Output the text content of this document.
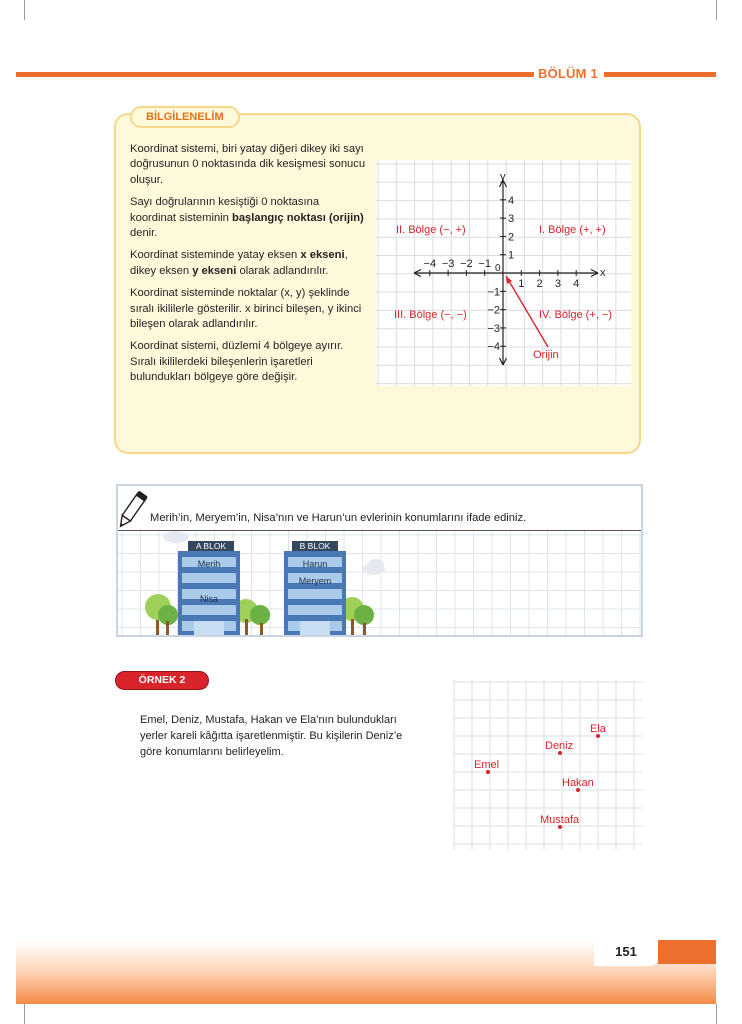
BÖLÜM 1
BİLGİLENELİM

Koordinat sistemi, biri yatay diğeri dikey iki sayı doğrusunun 0 noktasında dik kesişmesi sonucu oluşur.

Sayı doğrularının kesiştiği 0 noktasına koordinat sisteminin başlangıç noktası (orijin) denir.

Koordinat sisteminde yatay eksen x ekseni, dikey eksen y ekseni olarak adlandırılır.

Koordinat sisteminde noktalar (x, y) şeklinde sıralı ikililerle gösterilir. x birinci bileşen, y ikinci bileşen olarak adlandırılır.

Koordinat sistemi, düzlemi 4 bölgeye ayırır. Sıralı ikililerdeki bileşenlerin işaretleri bulundukları bölgeye göre değişir.

−4 −3 −2 −1
1 2 3 4
4
3
2
1
−1
−2
−3
−4
x
y
0
I. Bölge (+, +)
II. Bölge (−, +)
III. Bölge (−, −)	IV. Bölge (+, −)
Orijin
A BLOK
Merih
Nisa
B BLOK
Harun
Meryem
Merih’in, Meryem’in, Nisa’nın ve Harun’un evlerinin konumlarını ifade ediniz.
ÖRNEK 2
Emel, Deniz, Mustafa, Hakan ve Ela’nın bulundukları yerler kareli kâğıtta işaretlenmiştir. Bu kişilerin Deniz’e göre konumlarını belirleyelim.
Ela
Deniz
Emel
Hakan
Mustafa
151
